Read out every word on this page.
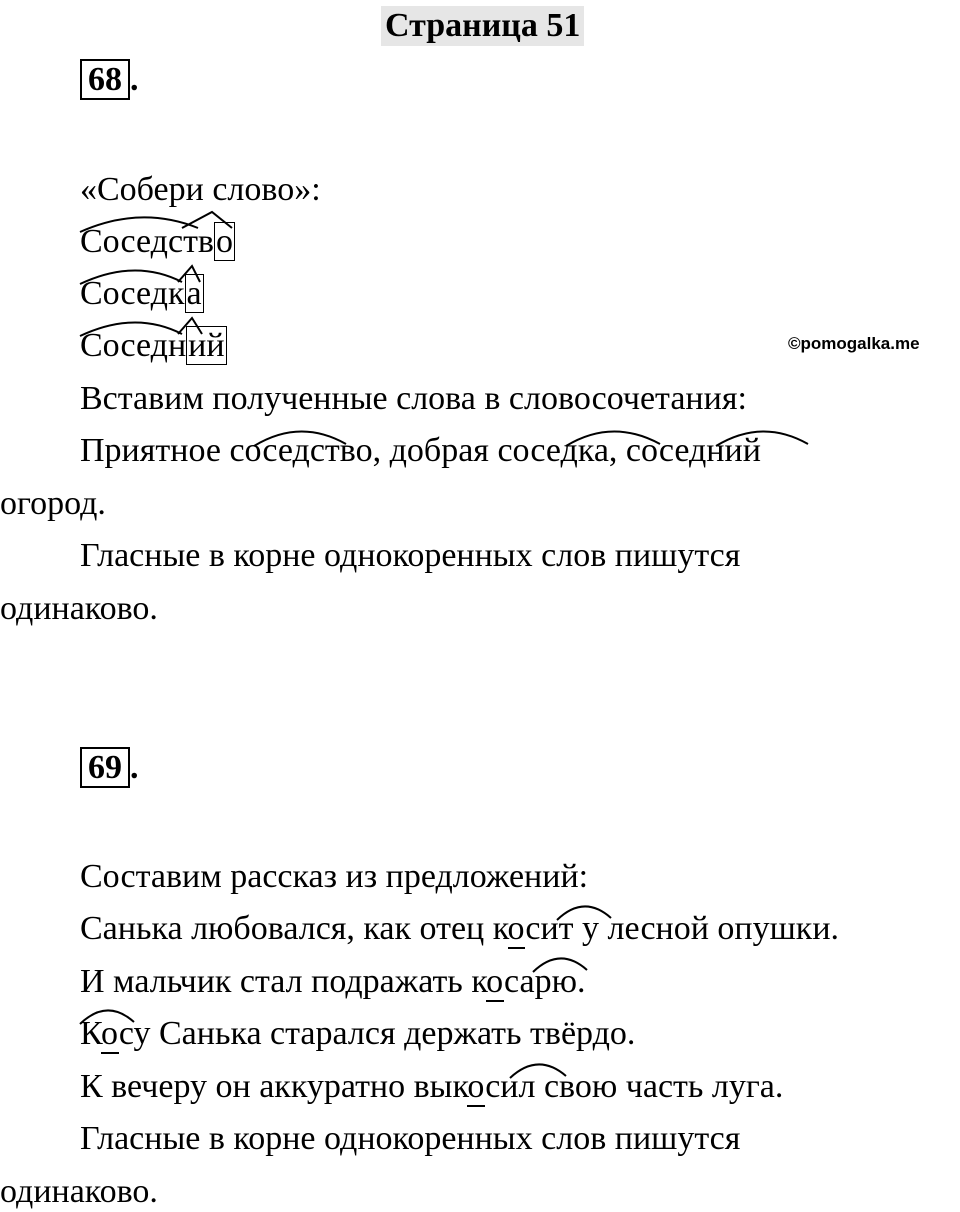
Страница 51
68 .
«Собери слово»:
Соседство
Соседка
Соседний	©pomogalka.me
Вставим полученные слова в словосочетания:
Приятное соседство, добрая соседка, соседний
огород.
Гласные в корне однокоренных слов пишутся
одинаково.
69 .
Составим рассказ из предложений:
Санька любовался, как отец косит у лесной опушки.
И мальчик стал подражать косарю.
Косу Санька старался держать твёрдо.
К вечеру он аккуратно выкосил свою часть луга.
Гласные в корне однокоренных слов пишутся
одинаково.
